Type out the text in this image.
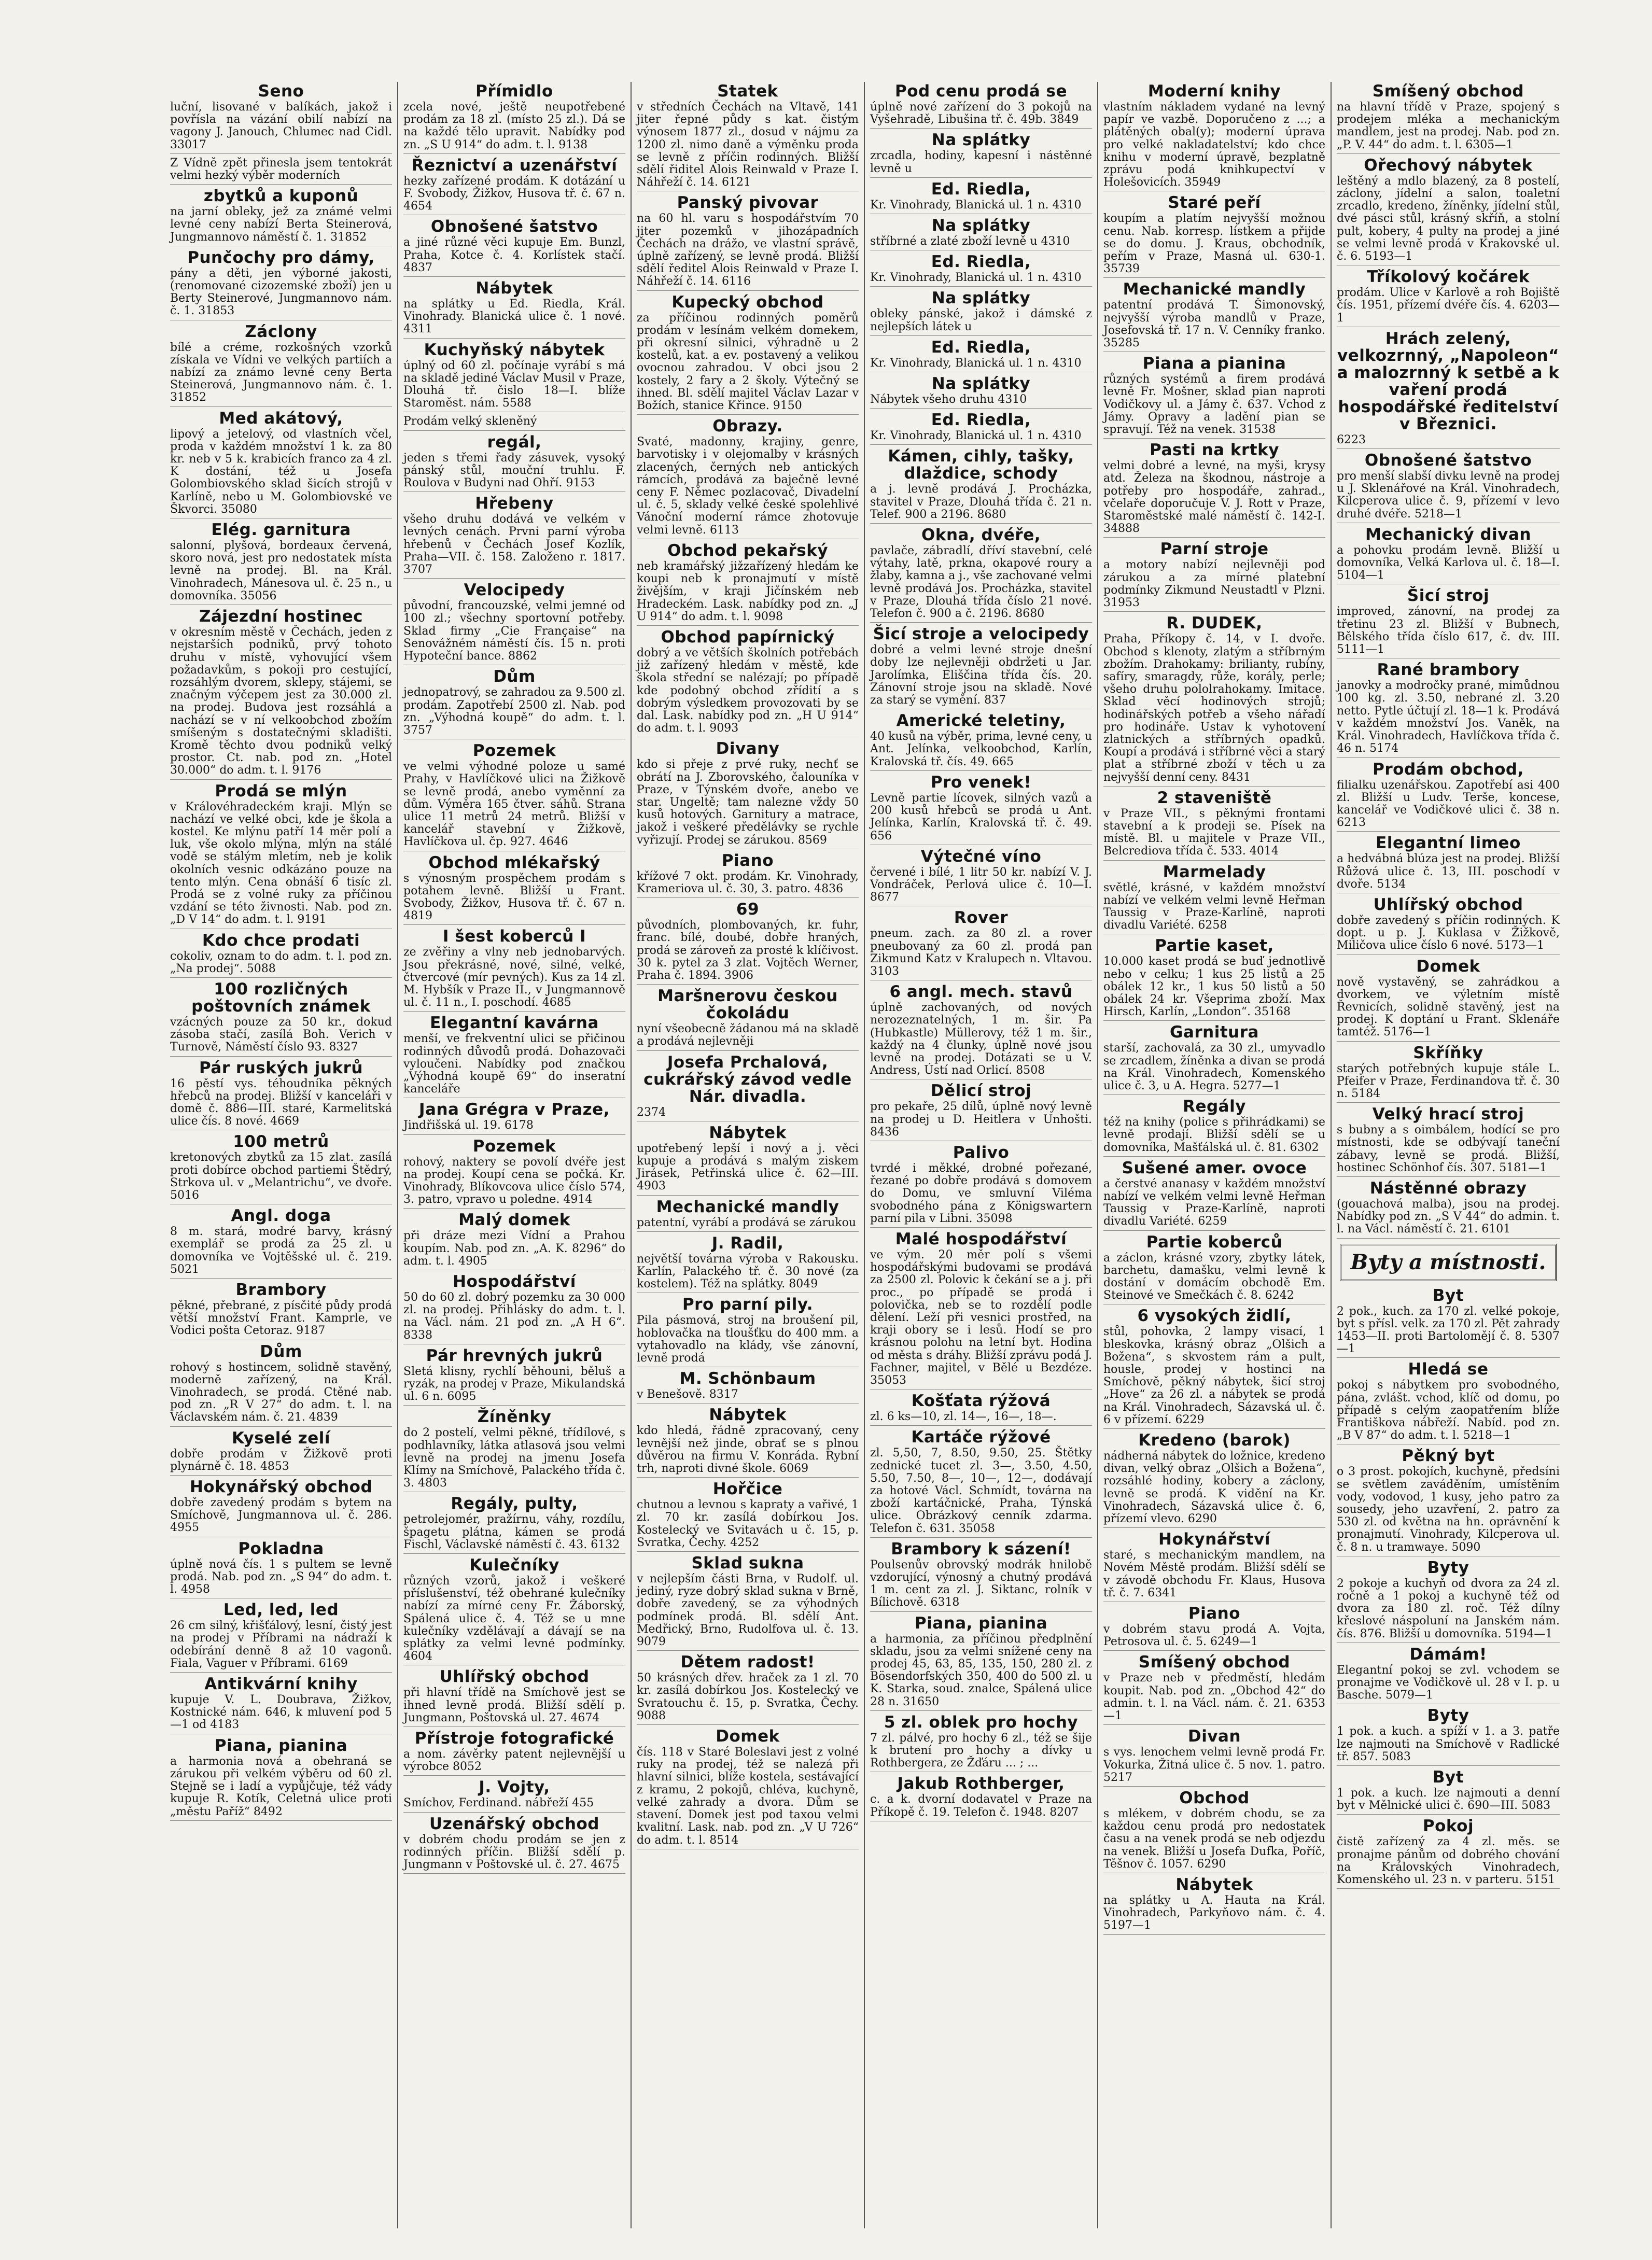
Seno

luční, lisované v balíkách, jakož i povříslа na vázání obilí nabízí na vagony J. Janouch, Chlumec nad Cidl. 33017

Z Vídně zpět přinesla jsem tentokrát velmi hezký výběr moderních

zbytků a kuponů

na jarní obleky, jež za známé velmi levné ceny nabízí Berta Steinerová, Jungmannovo náměstí č. 1. 31852

Punčochy pro dámy,

pány a děti, jen výborné jakosti, (renomované cizozemské zboží) jen u Berty Steinerové, Jungmannovo nám. č. 1. 31853

Záclony

bílé a créme, rozkošných vzorků získala ve Vídni ve velkých partiích a nabízí za známo levné ceny Berta Steinerová, Jungmannovo nám. č. 1. 31852

Med akátový,

lipový a jetelový, od vlastních včel, proda v každém množství 1 k. za 80 kr. neb v 5 k. krabicích franco za 4 zl. K dostání, též u Josefa Golombiovského sklad šicích strojů v Karlíně, nebo u M. Golombiovské ve Škvorci. 35080

Elég. garnitura

salonní, plyšová, bordeaux červená, skoro nová, jest pro nedostatek místa levně na prodej. Bl. na Král. Vinohradech, Mánesova ul. č. 25 n., u domovníka. 35056

Zájezdní hostinec

v okresním městě v Čechách, jeden z nejstarších podniků, prvý tohoto druhu v místě, vyhovující všem požadavkům, s pokoji pro cestující, rozsáhlým dvorem, sklepy, stájemi, se značným výčepem jest za 30.000 zl. na prodej. Budova jest rozsáhlá a nachází se v ní velkoobchod zbožím smíšeným s dostatečnými skladišti. Kromě těchto dvou podniků velký prostor. Ct. nab. pod zn. „Hotel 30.000“ do adm. t. l. 9176

Prodá se mlýn

v Královéhradeckém kraji. Mlýn se nachází ve velké obci, kde je škola a kostel. Ke mlýnu patří 14 měr polí a luk, vše okolo mlýna, mlýn na stálé vodě se stálým mletím, neb je kolik okolních vesnic odkázáno pouze na tento mlýn. Cena obnáší 6 tisíc zl. Prodá se z volné ruky za příčinou vzdání se této živnosti. Nab. pod zn. „D V 14“ do adm. t. l. 9191

Kdo chce prodati

cokoliv, oznam to do adm. t. l. pod zn. „Na prodej“. 5088

100 rozličných poštovních známek

vzácných pouze za 50 kr., dokud zásoba stačí, zasílá Boh. Verich v Turnově, Náměstí číslo 93. 8327

Pár ruských jukrů

16 pěstí vys. téhoudníka pěkných hřebců na prodej. Bližší v kanceláři v domě č. 886—III. staré, Karmelitská ulice čís. 8 nové. 4669

100 metrů

kretonových zbytků za 15 zlat. zasílá proti dobírce obchod partiemi Štědrý, Strkova ul. v „Melantrichu“, ve dvoře. 5016

Angl. doga

8 m. stará, modré barvy, krásný exemplář se prodá za 25 zl. u domovníka ve Vojtěšské ul. č. 219. 5021

Brambory

pěkné, přebrané, z písčité půdy prodá větší množství Frant. Kamprle, ve Vodici pošta Cetoraz. 9187

Dům

rohový s hostincem, solidně stavěný, moderně zařízený, na Král. Vinohradech, se prodá. Ctěné nab. pod zn. „R V 27“ do adm. t. l. na Václavském nám. č. 21. 4839

Kyselé zelí

dobře prodám v Žižkově proti plynárně č. 18. 4853

Hokynářský obchod

dobře zavedený prodám s bytem na Smíchově, Jungmannova ul. č. 286. 4955

Pokladna

úplně nová čís. 1 s pultem se levně prodá. Nab. pod zn. „S 94“ do adm. t. l. 4958

Led, led, led

26 cm silný, křišťálový, lesní, čistý jest na prodej v Příbrami na nádraží k odebírání denně 8 až 10 vagonů. Fiala, Vaguer v Příbrami. 6169

Antikvární knihy

kupuje V. L. Doubrava, Žižkov, Kostnické nám. 646, k mluvení pod 5—1 od 4183

Piana, pianina

a harmonia nová a obehraná se zárukou při velkém výběru od 60 zl. Stejně se i ladí a vypůjčuje, též vády kupuje R. Kotík, Celetná ulice proti „městu Paříž“ 8492

Přímidlo

zcela nové, ještě neupotřebené prodám za 18 zl. (místo 25 zl.). Dá se na každé tělo upravit. Nabídky pod zn. „S U 914“ do adm. t. l. 9138

Řeznictví a uzenářství

hezky zařízené prodám. K dotázání u F. Svobody, Žižkov, Husova tř. č. 67 n. 4654

Obnošené šatstvo

a jiné různé věci kupuje Em. Bunzl, Praha, Kotce č. 4. Korlístek stačí. 4837

Nábytek

na splátky u Ed. Riedla, Král. Vinohrady. Blanická ulice č. 1 nové. 4311

Kuchyňský nábytek

úplný od 60 zl. počínaje vyrábí s má na skladě jediné Václav Musil v Praze, Dlouhá tř. čislo 18—I. blíže Staroměst. nám. 5588

Prodám velký skleněný

regál,

jeden s třemi řady zásuvek, vysoký pánský stůl, mouční truhlu. F. Roulova v Budyni nad Ohří. 9153

Hřebeny

všeho druhu dodává ve velkém v levných cenách. Prvni parní výroba hřebenů v Čechách Josef Kozlík, Praha—VII. č. 158. Založeno r. 1817. 3707

Velocipedy

původní, francouzské, velmi jemné od 100 zl.; všechny sportovní potřeby. Sklad firmy „Cie Française“ na Senovážném náměstí čís. 15 n. proti Hypoteční bance. 8862

Dům

jednopatrový, se zahradou za 9.500 zl. prodám. Zapotřebí 2500 zl. Nab. pod zn. „Výhodná koupě“ do adm. t. l. 3757

Pozemek

ve velmi výhodné poloze u samé Prahy, v Havlíčkové ulici na Žižkově se levně prodá, anebo vyměnní za dům. Výměra 165 čtver. sáhů. Strana ulice 11 metrů 24 metrů. Bližší v kancelář stavební v Žižkově, Havlíčkova ul. čp. 927. 4646

Obchod mlékařský

s výnosným prospěchem prodám s potahem levně. Bližší u Frant. Svobody, Žižkov, Husova tř. č. 67 n. 4819

I šest koberců I

ze zvěřiny a vlny neb jednobarvých. Jsou překrásné, nové, silné, velké, čtvercové (mír pevných). Kus za 14 zl. M. Hybšík v Praze II., v Jungmannově ul. č. 11 n., I. poschodí. 4685

Elegantní kavárna

menší, ve frekventní ulici se přičinou rodinných důvodů prodá. Dohazovači vyloučeni. Nabídky pod značkou „Výhodná koupě 69“ do inseratní kanceláře

Jana Grégra v Praze,

Jindřišská ul. 19. 6178

Pozemek

rohový, naktery se povolí dvéře jest na prodej. Koupí cena se počká. Kr. Vinohrady, Blíkovcova ulice číslo 574, 3. patro, vpravo u poledne. 4914

Malý domek

při dráze mezi Vídní a Prahou koupím. Nab. pod zn. „A. K. 8296“ do adm. t. l. 4905

Hospodářství

50 do 60 zl. dobrý pozemku za 30 000 zl. na prodej. Přihlásky do adm. t. l. na Václ. nám. 21 pod zn. „A H 6“. 8338

Pár hrevných jukrů

Sletá klisny, rychlí běhouni, běluš a ryzák, na prodej v Praze, Mikulandská ul. 6 n. 6095

Žíněnky

do 2 postelí, velmi pěkné, třídílové, s podhlavníky, látka atlasová jsou velmi levně na prodej na jmenu Josefa Klímy na Smíchově, Palackého třída č. 3. 4803

Regály, pulty,

petrolejomér, pražírnu, váhy, rozdílu, špagetu plátna, kámen se prodá Fischl, Václavské náměstí č. 43. 6132

Kulečníky

různých vzorů, jakož i veškeré příslušenství, též obehrané kulečníky nabízí za mírné ceny Fr. Žáborský, Spálená ulice č. 4. Též se u mne kulečníky vzdělávají a dávají se na splátky za velmi levné podmínky. 4604

Uhlířský obchod

při hlavní třídě na Smíchově jest se ihned levně prodá. Bližší sdělí p. Jungmann, Poštovská ul. 27. 4674

Přístroje fotografické

a nom. závěrky patent nejlevnější u výrobce 8052

J. Vojty,

Smíchov, Ferdinand. nábřeží 455

Uzenářský obchod

v dobrém chodu prodám se jen z rodinných příčin. Bližší sdělí p. Jungmann v Poštovské ul. č. 27. 4675

Statek

v středních Čechách na Vltavě, 141 jiter řepné půdy s kat. čistým výnosem 1877 zl., dosud v nájmu za 1200 zl. nimo daně a výměnku proda se levně z příčin rodinných. Bližší sdělí řiditel Alois Reinwald v Praze I. Náhřeží č. 14. 6121

Panský pivovar

na 60 hl. varu s hospodářstvím 70 jiter pozemků v jihozápadních Čechách na drážo, ve vlastní správě, úplně zařízený, se levně prodá. Bližší sdělí ředitel Alois Reinwald v Praze I. Náhřeží č. 14. 6116

Kupecký obchod

za příčinou rodinných poměrů prodám v lesínám velkém domekem, při okresní silnici, výhradně u 2 kostelů, kat. a ev. postavený a velikou ovocnou zahradou. V obci jsou 2 kostely, 2 fary a 2 školy. Výtečný se ihned. Bl. sdělí majitel Václav Lazar v Božích, stanice Křince. 9150

Obrazy.

Svaté, madonny, krajiny, genre, barvotisky i v olejomalby v krásných zlacených, černých neb antických rámcích, prodává za baječně levné ceny F. Němec pozlacovač, Divadelní ul. č. 5, sklady velké české spolehlivé Vánoční moderní rámce zhotovuje velmi levně. 6113

Obchod pekařský

neb kramářský jižzařízený hledám ke koupi neb k pronajmutí v místě živějším, v kraji Jičínském neb Hradeckém. Lask. nabídky pod zn. „J U 914“ do adm. t. l. 9098

Obchod papírnický

dobrý a ve větších školních potřebách již zařízený hledám v městě, kde škola střední se nalézají; po případě kde podobný obchod zřídití a s dobrým výsledkem provozovati by se dal. Lask. nabídky pod zn. „H U 914“ do adm. t. l. 9093

Divany

kdo si přeje z prvé ruky, nechť se obrátí na J. Zborovského, čalouníka v Praze, v Týnském dvoře, anebo ve star. Ungeltě; tam nalezne vždy 50 kusů hotových. Garnitury a matrace, jakož i veškeré předělávky se rychle vyřizují. Prodej se zárukou. 8569

Piano

křížové 7 okt. prodám. Kr. Vinohrady, Krameriova ul. č. 30, 3. patro. 4836

69

původních, plombovaných, kr. fuhr, franc. bílé, doubé, dobře hraných, prodá se zároveň za prosté k klíčivost. 30 k. pytel za 3 zlat. Vojtěch Werner, Praha č. 1894. 3906

Maršnerovu českou čokoládu

nyní všeobecně žádanou má na skladě a prodává nejlevněji

Josefa Prchalová, cukrářský závod vedle Nár. divadla.

2374

Nábytek

upotřebený lepší i nový a j. věci kupuje a prodává s malým ziskem Jirásek, Petřinská ulice č. 62—III. 4903

Mechanické mandly

patentní, vyrábí a prodává se zárukou

J. Radil,

největší továrna výroba v Rakousku. Karlín, Palackého tř. č. 30 nové (za kostelem). Též na splátky. 8049

Pro parní pily.

Pila pásmová, stroj na broušení pil, hoblovačka na tloušťku do 400 mm. a vytahovadlo na klády, vše zánovní, levně prodá

M. Schönbaum

v Benešově. 8317

Nábytek

kdo hledá, řádně zpracovaný, ceny levnější než jinde, obrať se s plnou důvěrou na firmu V. Konráda. Rybní trh, naproti divné škole. 6069

Hořčice

chutnou a levnou s kapraty a vařivé, 1 zl. 70 kr. zasílá dobírkou Jos. Kostelecký ve Svitavách u č. 15, p. Svratka, Čechy. 4252

Sklad sukna

v nejlepším části Brna, v Rudolf. ul. jediný, ryze dobrý sklad sukna v Brně, dobře zavedený, se za výhodných podmínek prodá. Bl. sdělí Ant. Medřický, Brno, Rudolfova ul. č. 13. 9079

Dětem radost!

50 krásných dřev. hraček za 1 zl. 70 kr. zasílá dobírkou Jos. Kostelecký ve Svratouchu č. 15, p. Svratka, Čechy. 9088

Domek

čís. 118 v Staré Boleslavi jest z volné ruky na prodej, též se nalezá při hlavní silnici, blíže kostela, sestávající z kramu, 2 pokojů, chléva, kuchyně, velké zahrady a dvora. Dům se stavení. Domek jest pod taxou velmi kvalitní. Lask. nab. pod zn. „V U 726“ do adm. t. l. 8514

Pod cenu prodá se

úplně nové zařízení do 3 pokojů na Vyšehradě, Libušina tř. č. 49b. 3849

Na splátky

zrcadla, hodiny, kapesní i nástěnné levně u

Ed. Riedla,

Kr. Vinohrady, Blanická ul. 1 n. 4310

Na splátky

stříbrné a zlaté zboží levně u 4310

Ed. Riedla,

Kr. Vinohrady, Blanická ul. 1 n. 4310

Na splátky

obleky pánské, jakož i dámské z nejlepších látek u

Ed. Riedla,

Kr. Vinohrady, Blanická ul. 1 n. 4310

Na splátky

Nábytek všeho druhu 4310

Ed. Riedla,

Kr. Vinohrady, Blanická ul. 1 n. 4310

Kámen, cihly, tašky, dlaždice, schody

a j. levně prodává J. Procházka, stavitel v Praze, Dlouhá třída č. 21 n. Telef. 900 a 2196. 8680

Okna, dvéře,

pavlače, zábradlí, dříví stavební, celé výtahy, latě, prkna, okapové roury a žlaby, kamna a j., vše zachované velmi levně prodává Jos. Procházka, stavitel v Praze, Dlouhá třída číslo 21 nové. Telefon č. 900 a č. 2196. 8680

Šicí stroje a velocipedy

dobré a velmi levné stroje dnešní doby lze nejlevněji obdržeti u Jar. Jarolímka, Eliščina třída čís. 20. Zánovní stroje jsou na skladě. Nové za starý se vymění. 837

Americké teletiny,

40 kusů na výběr, prima, levné ceny, u Ant. Jelínka, velkoobchod, Karlín, Kralovská tř. čís. 49. 665

Pro venek!

Levně partie lícovek, silných vazů a 200 kusů hřebců se prodá u Ant. Jelínka, Karlín, Kralovská tř. č. 49. 656

Výtečné víno

červené i bílé, 1 litr 50 kr. nabízí V. J. Vondráček, Perlová ulice č. 10—I. 8677

Rover

pneum. zach. za 80 zl. a rover pneubovaný za 60 zl. prodá pan Zikmund Katz v Kralupech n. Vltavou. 3103

6 angl. mech. stavů

úplně zachovaných, od nových nerozeznatelných, 1 m. šir. Pa (Hubkastle) Müllerovy, též 1 m. šir., každý na 4 člunky, úplně nové jsou levně na prodej. Dotázati se u V. Andress, Ústí nad Orlicí. 8508

Dělicí stroj

pro pekaře, 25 dílů, úplně nový levně na prodej u D. Heitlera v Unhošti. 8436

Palivo

tvrdé i měkké, drobné pořezané, řezané po dobře prodává s domovem do Domu, ve smluvní Viléma svobodného pána z Königswartern parní pila v Libni. 35098

Malé hospodářství

ve vým. 20 měr polí s všemi hospodářskými budovami se prodává za 2500 zl. Polovic k čekání se a j. při proc., po případě se prodá i polovička, neb se to rozdělí podle dělení. Leží při vesnici prostřed, na kraji obory se i lesů. Hodí se pro krásnou polohu na letní byt. Hodina od města s dráhy. Bližší zprávu podá J. Fachner, majitel, v Bělé u Bezdéze. 35053

Košťata rýžová

zl. 6 ks—10, zl. 14—, 16—, 18—.

Kartáče rýžové

zl. 5,50, 7, 8.50, 9.50, 25. Štětky zednické tucet zl. 3—, 3.50, 4.50, 5.50, 7.50, 8—, 10—, 12—, dodávají za hotové Václ. Schmídt, továrna na zboží kartáčnické, Praha, Týnská ulice. Obrázkový cenník zdarma. Telefon č. 631. 35058

Brambory k sázení!

Poulsenův obrovský modrák hnilobě vzdorující, výnosný a chutný prodává 1 m. cent za zl. J. Siktanc, rolník v Bílichově. 6318

Piana, pianina

a harmonia, za příčinou předplnění skladu, jsou za velmi snížené ceny na prodej 45, 63, 85, 135, 150, 280 zl. z Bösendorfských 350, 400 do 500 zl. u K. Starka, soud. znalce, Spálená ulice 28 n. 31650

5 zl. oblek pro hochy

7 zl. pálvé, pro hochy 6 zl., též se šije k brutení pro hochy a dívky u Rothbergera, ze Žďáru ... ; ...

Jakub Rothberger,

c. a k. dvorní dodavatel v Praze na Příkopě č. 19. Telefon č. 1948. 8207

Moderní knihy

vlastním nákladem vydané na levný papír ve vazbě. Doporučeno z ...; a plátěných obal(y); moderní úprava pro velké nakladatelství; kdo chce knihu v moderní úpravě, bezplatně zprávu podá knihkupectví v Holešovicích. 35949

Staré peří

koupím a platím nejvyšší možnou cenu. Nab. korresp. lístkem a přijde se do domu. J. Kraus, obchodník, peřím v Praze, Masná ul. 630-1. 35739

Mechanické mandly

patentní prodává T. Šimonovský, nejvyšší výroba mandlů v Praze, Josefovská tř. 17 n. V. Cenníky franko. 35285

Piana a pianina

různých systémů a firem prodává levně Fr. Mošner, sklad pian naproti Vodičkovy ul. a Jámy č. 637. Vchod z Jámy. Opravy a ladění pian se spravují. Též na venek. 31538

Pasti na krtky

velmi dobré a levné, na myši, krysy atd. Železa na škodnou, nástroje a potřeby pro hospodáře, zahrad., včelaře doporučuje V. J. Rott v Praze, Staroměstské malé náměstí č. 142-I. 34888

Parní stroje

a motory nabízí nejlevněji pod zárukou a za mírné platební podmínky Zikmund Neustadtl v Plzni. 31953

R. DUDEK,

Praha, Příkopy č. 14, v I. dvoře. Obchod s klenoty, zlatým a stříbrným zbožím. Drahokamy: brilianty, rubíny, safíry, smaragdy, růže, korály, perle; všeho druhu pololrahokamy. Imitace. Sklad věcí hodinových strojů; hodinářských potřeb a všeho nářadí pro hodináře. Ustav k vyhotovení zlatnických a stříbrných opadků. Koupí a prodává i stříbrné věci a starý plat a stříbrné zboží v těch u za nejvyšší denní ceny. 8431

2 staveniště

v Praze VII., s pěknými frontami stavební a k prodeji se. Písek na místě. Bl. u majitele v Praze VII., Belcrediova třída č. 533. 4014

Marmelady

světlé, krásné, v každém množství nabízí ve velkém velmi levně Heřman Taussig v Praze-Karlíně, naproti divadlu Variété. 6258

Partie kaset,

10.000 kaset prodá se buď jednotlivě nebo v celku; 1 kus 25 listů a 25 obálek 12 kr., 1 kus 50 listů a 50 obálek 24 kr. Všeprima zboží. Max Hirsch, Karlín, „London“. 35168

Garnitura

starší, zachovalá, za 30 zl., umyvadlo se zrcadlem, žíněnka a divan se prodá na Král. Vinohradech, Komenského ulice č. 3, u A. Hegra. 5277—1

Regály

též na knihy (police s přihrádkami) se levně prodají. Bližší sdělí se u domovníka, Mašťálská ul. č. 81. 6302

Sušené amer. ovoce

a čerstvé ananasy v každém množství nabízí ve velkém velmi levně Heřman Taussig v Praze-Karlíně, naproti divadlu Variété. 6259

Partie koberců

a záclon, krásné vzory, zbytky látek, barchetu, damašku, velmi levně k dostání v domácím obchodě Em. Steinové ve Smečkách č. 8. 6242

6 vysokých židlí,

stůl, pohovka, 2 lampy visací, 1 bleskovka, krásný obraz „Olšich a Božena“, s skvostem rám a pult, housle, prodej v hostinci na Smíchově, pěkný nábytek, šicí stroj „Hove“ za 26 zl. a nábytek se prodá na Král. Vinohradech, Sázavská ul. č. 6 v přízemí. 6229

Kredeno (barok)

nádherná nábytek do ložnice, kredeno divan, velký obraz „Olšich a Božena“, rozsáhlé hodiny, kobery a záclony, levně se prodá. K vidění na Kr. Vinohradech, Sázavská ulice č. 6, přízemí vlevo. 6290

Hokynářství

staré, s mechanickým mandlem, na Novém Městě prodám. Bližší sdělí se v závodě obchodu Fr. Klaus, Husova tř. č. 7. 6341

Piano

v dobrém stavu prodá A. Vojta, Petrosova ul. č. 5. 6249—1

Smíšený obchod

v Praze neb v předměstí, hledám koupit. Nab. pod zn. „Obchod 42“ do admin. t. l. na Václ. nám. č. 21. 6353—1

Divan

s vys. lenochem velmi levně prodá Fr. Vokurka, Žitná ulice č. 5 nov. 1. patro. 5217

Obchod

s mlékem, v dobrém chodu, se za každou cenu prodá pro nedostatek času a na venek prodá se neb odjezdu na venek. Bližší u Josefa Dufka, Poříč, Těšnov č. 1057. 6290

Nábytek

na splátky u A. Hauta na Král. Vinohradech, Parkyňovo nám. č. 4. 5197—1

Smíšený obchod

na hlavní třídě v Praze, spojený s prodejem mléka a mechanickým mandlem, jest na prodej. Nab. pod zn. „P. V. 44“ do adm. t. l. 6305—1

Ořechový nábytek

leštěný a mdlo blazený, za 8 postelí, záclony, jídelní a salon, toaletní zrcadlo, kredeno, žíněnky, jídelní stůl, dvé pásci stůl, krásný skříň, a stolní pult, kobery, 4 pulty na prodej a jiné se velmi levně prodá v Krakovské ul. č. 6. 5193—1

Tříkolový kočárek

prodám. Ulice v Karlově a roh Bojiště čís. 1951, přízemí dvéře čís. 4. 6203—1

Hrách zelený, velkozrnný, „Napoleon“ a malozrnný k setbě a k vaření prodá hospodářské ředitelství v Březnici.

6223

Obnošené šatstvo

pro menší slabší divku levně na prodej u J. Sklenářové na Král. Vinohradech, Kilcperova ulice č. 9, přízemí v levo druhé dvéře. 5218—1

Mechanický divan

a pohovku prodám levně. Bližší u domovníka, Velká Karlova ul. č. 18—I. 5104—1

Šicí stroj

improved, zánovní, na prodej za třetinu 23 zl. Bližší v Bubnech, Bělského třída číslo 617, č. dv. III. 5111—1

Rané brambory

janovky a modročky prané, mimůdnou 100 kg. zl. 3.50, nebrané zl. 3.20 netto. Pytle účtují zl. 18—1 k. Prodává v každém množství Jos. Vaněk, na Král. Vinohradech, Havlíčkova třída č. 46 n. 5174

Prodám obchod,

filialku uzenářskou. Zapotřebí asi 400 zl. Bližší u Ludv. Terše, koncese, kancelář ve Vodičkové ulici č. 38 n. 6213

Elegantní limeo

a hedvábná blúza jest na prodej. Bližší Růžová ulice č. 13, III. poschodí v dvoře. 5134

Uhlířský obchod

dobře zavedený s příčin rodinných. K dopt. u p. J. Kuklasa v Žižkově, Miličova ulice číslo 6 nové. 5173—1

Domek

nově vystavěný, se zahrádkou a dvorkem, ve výletním místě Řevnicích, solidně stavěný, jest na prodej. K doptání u Frant. Sklenáře tamtéž. 5176—1

Skříňky

starých potřebných kupuje stále L. Pfeifer v Praze, Ferdinandova tř. č. 30 n. 5184

Velký hrací stroj

s bubny a s oimbálem, hodící se pro místnosti, kde se odbývají taneční zábavy, levně se prodá. Bližší, hostinec Schönhof čís. 307. 5181—1

Nástěnné obrazy

(gouachová malba), jsou na prodej. Nabídky pod zn. „S V 44“ do admin. t. l. na Václ. náměstí č. 21. 6101

Byty a místnosti.
Byt

2 pok., kuch. za 170 zl. velké pokoje, byt s přísl. velk. za 170 zl. Pět zahrady 1453—II. proti Bartolomějí č. 8. 5307—1

Hledá se

pokoj s nábytkem pro svobodného, pána, zvlášt. vchod, klíč od domu, po případě s celým zaopatřením blíže Františkova nábřeží. Nabíd. pod zn. „B V 87“ do adm. t. l. 5218—1

Pěkný byt

o 3 prost. pokojích, kuchyně, předsíni se světlem zaváděním, umístěním vody, vodovod, 1 kusy, jeho patro za sousedy, jeho uzavření, 2. patro za 530 zl. od května na hn. oprávnění k pronajmutí. Vinohrady, Kilcperova ul. č. 8 n. u tramwaye. 5090

Byty

2 pokoje a kuchyň od dvora za 24 zl. ročně a 1 pokoj a kuchyně též od dvora za 180 zl. roč. Též dílny křeslové náspoluní na Janském nám. čís. 876. Bližší u domovníka. 5194—1

Dámám!

Elegantní pokoj se zvl. vchodem se pronajme ve Vodičkově ul. 28 v I. p. u Basche. 5079—1

Byty

1 pok. a kuch. a spíží v 1. a 3. patře lze najmouti na Smíchově v Radlické tř. 857. 5083

Byt

1 pok. a kuch. lze najmouti a denní byt v Mělnické ulici č. 690—III. 5083

Pokoj

čistě zařízený za 4 zl. měs. se pronajme pánům od dobrého chování na Královských Vinohradech, Komenského ul. 23 n. v parteru. 5151
